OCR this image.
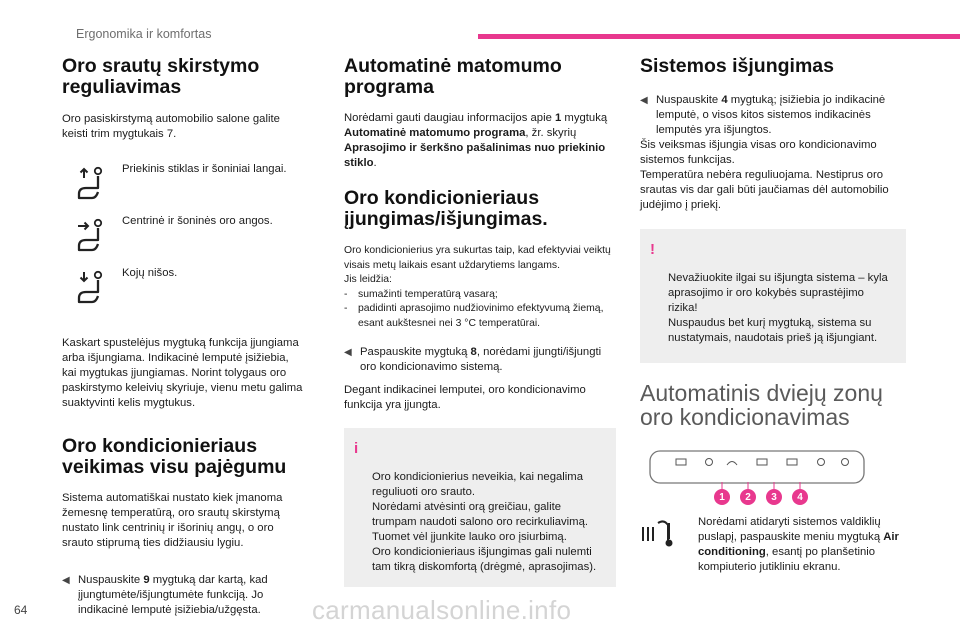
Ergonomika ir komfortas
Oro srautų skirstymo reguliavimas
Oro pasiskirstymą automobilio salone galite keisti trim mygtukais 7.
Priekinis stiklas ir šoniniai langai.
Centrinė ir šoninės oro angos.
Kojų nišos.
Kaskart spustelėjus mygtuką funkcija įjungiama arba išjungiama. Indikacinė lemputė įsižiebia, kai mygtukas įjungiamas. Norint tolygaus oro paskirstymo keleivių skyriuje, vienu metu galima suaktyvinti kelis mygtukus.
Oro kondicionieriaus veikimas visu pajėgumu
Sistema automatiškai nustato kiek įmanoma žemesnę temperatūrą, oro srautų skirstymą nustato link centrinių ir išorinių angų, o oro srauto stiprumą ties didžiausiu lygiu.
◀ Nuspauskite 9 mygtuką dar kartą, kad įjungtumėte/išjungtumėte funkciją. Jo indikacinė lemputė įsižiebia/užgęsta.
Automatinė matomumo programa
Norėdami gauti daugiau informacijos apie 1 mygtuką Automatinė matomumo programa, žr. skyrių Aprasojimo ir šerkšno pašalinimas nuo priekinio stiklo.
Oro kondicionieriaus įjungimas/išjungimas.
Oro kondicionierius yra sukurtas taip, kad efektyviai veiktų visais metų laikais esant uždarytiems langams.
Jis leidžia:
-	sumažinti temperatūrą vasarą;
-	padidinti aprasojimo nudžiovinimo efektyvumą žiemą, esant aukštesnei nei 3 °C temperatūrai.
◀ Paspauskite mygtuką 8, norėdami įjungti/išjungti oro kondicionavimo sistemą.
Degant indikacinei lemputei, oro kondicionavimo funkcija yra įjungta.

i

Oro kondicionierius neveikia, kai negalima reguliuoti oro srauto.
Norėdami atvėsinti orą greičiau, galite trumpam naudoti salono oro recirkuliavimą. Tuomet vėl įjunkite lauko oro įsiurbimą.
Oro kondicionieriaus išjungimas gali nulemti tam tikrą diskomfortą (drėgmė, aprasojimas).

Sistemos išjungimas
◀ Nuspauskite 4 mygtuką; įsižiebia jo indikacinė lemputė, o visos kitos sistemos indikacinės lemputės yra išjungtos.
Šis veiksmas išjungia visas oro kondicionavimo sistemos funkcijas.
Temperatūra nebėra reguliuojama. Nestiprus oro srautas vis dar gali būti jaučiamas dėl automobilio judėjimo į priekį.

!

Nevažiuokite ilgai su išjungta sistema – kyla aprasojimo ir oro kokybės suprastėjimo rizika!
Nuspaudus bet kurį mygtuką, sistema su nustatymais, naudotais prieš ją išjungiant.

Automatinis dviejų zonų oro kondicionavimas
1	2	3	4
Norėdami atidaryti sistemos valdiklių puslapį, paspauskite meniu mygtuką Air conditioning, esantį po planšetinio kompiuterio jutikliniu ekranu.
64	carmanualsonline.info
